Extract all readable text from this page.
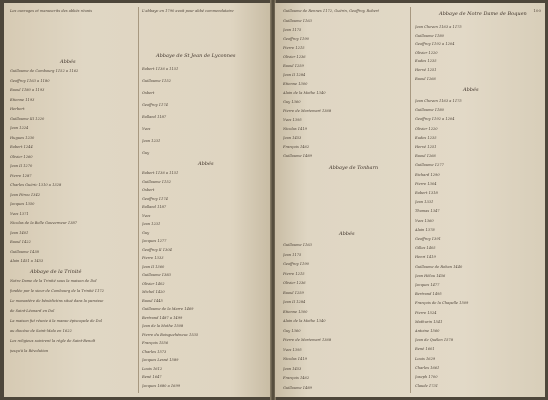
Les ouvrages et manuscrits des abbés réunis
Abbés
Abbaye de la Trinité
Guillaume de Combourg 1152 a 1162
Geoffroy 1163 a 1180
Raoul 1180 a 1193
Étienne 1193
Herbert
Guillaume III 1220
Jean 1224
Hugues 1230
Robert 1244
Olivier 1260
Jean II 1270
Pierre 1287
Charles Guéric 1310 a 1328
Jean Pérou 1342
Jacques 1350
Yves 1371
Nicolas de la Belle Gouverneur 1387
Jean 1401
Raoul 1422
Guillaume 1438
Alain 1451 a 1453
Notre Dame de la Trinité sous la maison de Dol
fondée par le sieur de Combourg de la Trinité 1172
Le monastère de bénédictins situé dans la paroisse
de Saint-Léonard en Dol
La maison fut réunie à la manse épiscopale de Dol
au diocèse de Saint-Malo en 1622
Les religieux suivirent la règle de Saint-Benoît
jusqu'à la Révolution
L'abbaye en 1790 avait pour abbé commendataire
Abbaye de St Jean de Lyconnes
Abbés
Robert 1136 a 1151
Guillaume 1152
Osbert
Geoffroy 1174
Rolland 1187
Yves
Jean 1231
Guy
Robert 1136 a 1151
Guillaume 1152
Osbert
Geoffroy 1174
Rolland 1187
Yves
Jean 1231
Guy
Jacques 1277
Geoffroy II 1304
Pierre 1333
Jean II 1360
Guillaume 1383
Olivier 1402
Michel 1420
Raoul 1445
Guillaume de la Marre 1469
Bertrand 1487 a 1499
Jean de la Mothe 1508
Pierre du Boisguehéneuc 1535
François 1556
Charles 1573
Jacques Lesné 1589
Louis 1612
René 1647
Jacques 1680 a 1699
100
Guillaume de Rennes 1172, Guérin, Geoffroy, Robert
Abbaye de Tonbarn
Abbés
Guillaume 1163
Jean 1175
Geoffroy 1190
Pierre 1215
Olivier 1236
Raoul 1259
Jean II 1284
Étienne 1300
Alain de la Mothe 1340
Guy 1360
Pierre de Mortemart 1368
Yves 1395
Nicolas 1419
Jean 1453
François 1462
Guillaume 1489
Guillaume 1163
Jean 1175
Geoffroy 1190
Pierre 1215
Olivier 1236
Raoul 1259
Jean II 1284
Étienne 1300
Alain de la Mothe 1340
Guy 1360
Pierre de Mortemart 1368
Yves 1395
Nicolas 1419
Jean 1453
François 1462
Guillaume 1489
Abbaye de Notre Dame de Boquen
Abbés
Jean Cheven 1163 a 1175
Guillaume 1180
Geoffroy 1192 a 1204
Olivier 1220
Eudes 1235
Hervé 1251
Raoul 1266
Jean Cheven 1163 a 1175
Guillaume 1180
Geoffroy 1192 a 1204
Olivier 1220
Eudes 1235
Hervé 1251
Raoul 1266
Guillaume 1277
Richard 1290
Pierre 1304
Robert 1318
Jean 1331
Thomas 1347
Yves 1360
Alain 1378
Geoffroy 1391
Gilles 1405
Henri 1419
Guillaume de Rohan 1440
Jean Hélou 1456
Jacques 1477
Bertrand 1495
François de la Chapelle 1509
Pierre 1524
Mathurin 1541
Antoine 1560
Jean de Quélen 1578
René 1601
Louis 1629
Charles 1661
Joseph 1700
Claude 1731
